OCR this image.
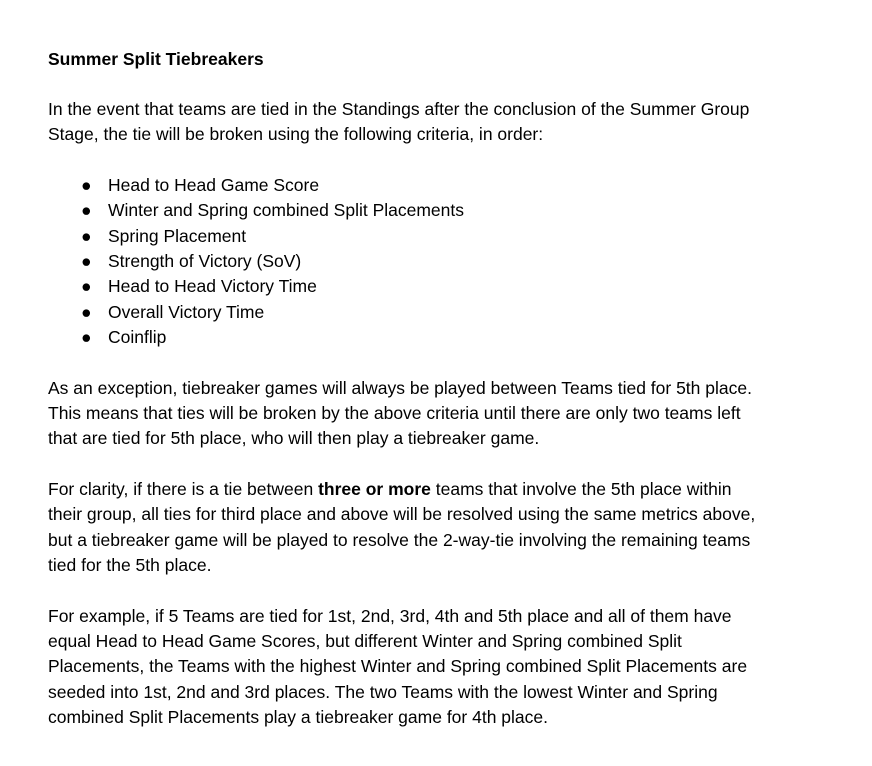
Summer Split Tiebreakers

In the event that teams are tied in the Standings after the conclusion of the Summer Group
Stage, the tie will be broken using the following criteria, in order:

● Head to Head Game Score
● Winter and Spring combined Split Placements
● Spring Placement
● Strength of Victory (SoV)
● Head to Head Victory Time
● Overall Victory Time
● Coinflip

As an exception, tiebreaker games will always be played between Teams tied for 5th place.
This means that ties will be broken by the above criteria until there are only two teams left
that are tied for 5th place, who will then play a tiebreaker game.

For clarity, if there is a tie between three or more teams that involve the 5th place within
their group, all ties for third place and above will be resolved using the same metrics above,
but a tiebreaker game will be played to resolve the 2-way-tie involving the remaining teams
tied for the 5th place.

For example, if 5 Teams are tied for 1st, 2nd, 3rd, 4th and 5th place and all of them have
equal Head to Head Game Scores, but different Winter and Spring combined Split
Placements, the Teams with the highest Winter and Spring combined Split Placements are
seeded into 1st, 2nd and 3rd places. The two Teams with the lowest Winter and Spring
combined Split Placements play a tiebreaker game for 4th place.
